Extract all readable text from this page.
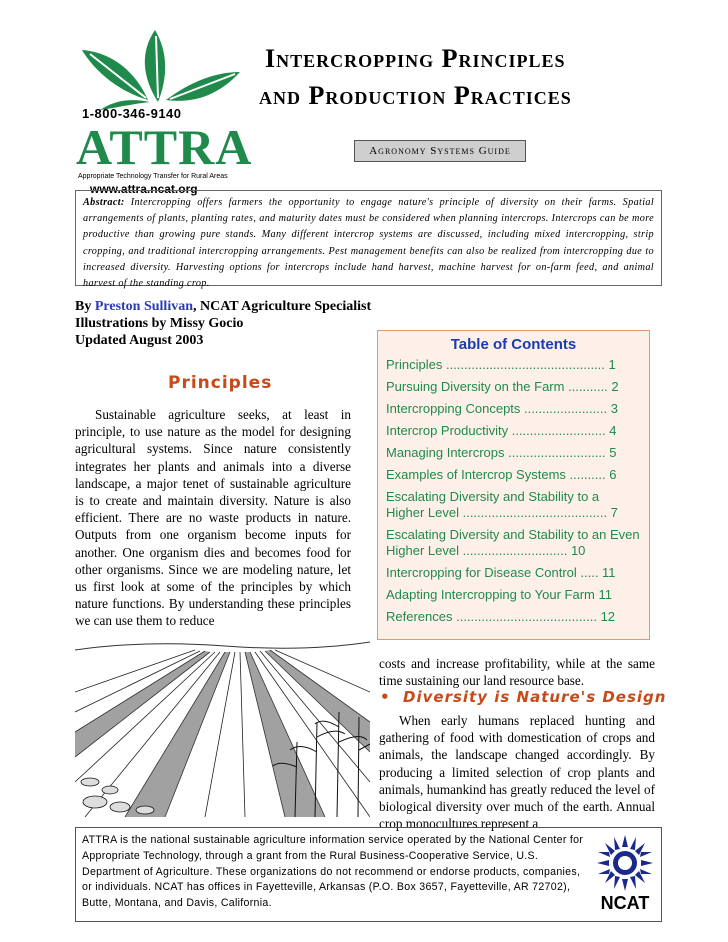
1-800-346-9140
ATTRA
Appropriate Technology Transfer for Rural Areas
www.attra.ncat.org
Intercropping Principles
and Production Practices
Agronomy Systems Guide
Abstract: Intercropping offers farmers the opportunity to engage nature's principle of diversity on their farms. Spatial arrangements of plants, planting rates, and maturity dates must be considered when planning intercrops. Intercrops can be more productive than growing pure stands. Many different intercrop systems are discussed, including mixed intercropping, strip cropping, and traditional intercropping arrangements. Pest management benefits can also be realized from intercropping due to increased diversity. Harvesting options for intercrops include hand harvest, machine harvest for on-farm feed, and animal harvest of the standing crop.
By Preston Sullivan, NCAT Agriculture Specialist
Illustrations by Missy Gocio
Updated August 2003
Principles
Sustainable agriculture seeks, at least in principle, to use nature as the model for designing agricultural systems. Since nature consistently integrates her plants and animals into a diverse landscape, a major tenet of sustainable agriculture is to create and maintain diversity. Nature is also efficient. There are no waste products in nature. Outputs from one organism become inputs for another. One organism dies and becomes food for other organisms. Since we are modeling nature, let us first look at some of the principles by which nature functions. By understanding these principles we can use them to reduce
Table of Contents
Principles ............................................ 1
Pursuing Diversity on the Farm ........... 2
Intercropping Concepts ....................... 3
Intercrop Productivity .......................... 4
Managing Intercrops ........................... 5
Examples of Intercrop Systems .......... 6
Escalating Diversity and Stability to a Higher Level ........................................ 7
Escalating Diversity and Stability to an Even Higher Level ............................. 10
Intercropping for Disease Control ..... 11
Adapting Intercropping to Your Farm 11
References ....................................... 12
costs and increase profitability, while at the same time sustaining our land resource base.
• Diversity is Nature's Design
When early humans replaced hunting and gathering of food with domestication of crops and animals, the landscape changed accordingly. By producing a limited selection of crop plants and animals, humankind has greatly reduced the level of biological diversity over much of the earth. Annual crop monocultures represent a
ATTRA is the national sustainable agriculture information service operated by the National Center for Appropriate Technology, through a grant from the Rural Business-Cooperative Service, U.S. Department of Agriculture. These organizations do not recommend or endorse products, companies, or individuals. NCAT has offices in Fayetteville, Arkansas (P.O. Box 3657, Fayetteville, AR 72702), Butte, Montana, and Davis, California.	NCAT
